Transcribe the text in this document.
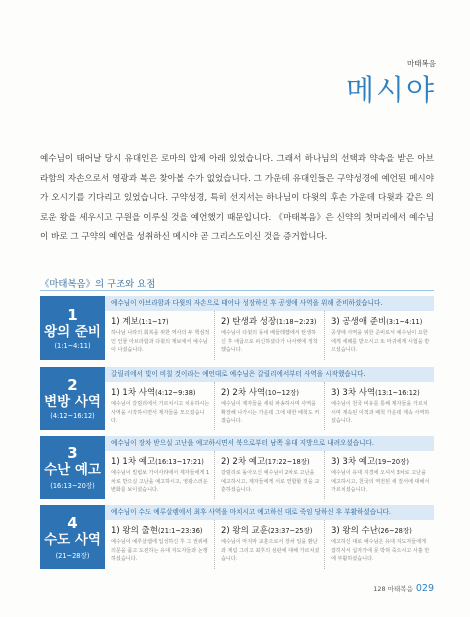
마태복음
메시야
예수님이 태어날 당시 유대인은 로마의 압제 아래 있었습니다. 그래서 하나님의 선택과 약속을 받은 아브라함의 자손으로서 영광과 복은 찾아볼 수가 없었습니다. 그 가운데 유대인들은 구약성경에 예언된 메시야가 오시기를 기다리고 있었습니다. 구약성경, 특히 선지서는 하나님이 다윗의 후손 가운데 다윗과 같은 의로운 왕을 세우시고 구원을 이루실 것을 예언했기 때문입니다. 《마태복음》은 신약의 첫머리에서 예수님이 바로 그 구약의 예언을 성취하신 메시야 곧 그리스도이신 것을 증거합니다.
《마태복음》의 구조와 요점
1
왕의 준비
(1:1~4:11)
예수님이 아브라함과 다윗의 자손으로 태어나 성장하신 후 공생애 사역을 위해 준비하셨습니다.
1) 계보(1:1~17)
하나님 나라의 회복을 위한 역사의 두 핵심적인 인물 아브라함과 다윗의 계보에서 예수님이 나셨습니다.
2) 탄생과 성장(1:18~2:23)
예수님이 다윗의 동네 베들레헴에서 탄생하신 후 애굽으로 피신하셨다가 나사렛에 정착했습니다.
3) 공생애 준비(3:1~4:11)
공생애 사역을 위한 준비로서 예수님이 요한에게 세례를 받으시고 또 마귀에게 시험을 받으셨습니다.
2
변방 사역
(4:12~16:12)
갈릴리에서 빛이 비칠 것이라는 예언대로 예수님은 갈릴리에서부터 사역을 시작했습니다.
1) 1차 사역(4:12~9:38)
예수님이 갈릴리에서 가르치시고 치유하시는 사역을 시작하시면서 제자들을 모으셨습니다.
2) 2차 사역(10~12장)
예수님이 제자들을 세워 파송하시며 사역을 확장해 나가시는 가운데 그에 대한 배척도 커졌습니다.
3) 3차 사역(13:1~16:12)
예수님이 천국 비유를 통해 제자들을 가르치시며 계속된 이적과 배척 가운데 계속 사역하셨습니다.
3
수난 예고
(16:13~20장)
예수님이 장차 받으실 고난을 예고하시면서 북으로부터 남쪽 유대 지방으로 내려오셨습니다.
1) 1차 예고(16:13~17:21)
예수님이 빌립보 가이사랴에서 제자들에게 1차로 받으실 고난을 예고하시고, 영광스러운 변화를 보이셨습니다.
2) 2차 예고(17:22~18장)
갈릴리로 돌아오신 예수님이 2차로 고난을 예고하시고, 제자들에게 서로 연합할 것을 교훈하셨습니다.
3) 3차 예고(19~20장)
예수님이 유대 지경에 오셔서 3차로 고난을 예고하시고, 천국의 역전된 새 질서에 대해서 가르치셨습니다.
4
수도 사역
(21~28장)
예수님이 수도 예루살렘에서 최후 사역을 마치시고 예고하신 대로 죽임 당하신 후 부활하셨습니다.
1) 왕의 출현(21:1~23:36)
예수님이 예루살렘에 입성하신 후 그 권위에 의문을 품고 도전하는 유대 지도자들과 논쟁하셨습니다.
2) 왕의 교훈(23:37~25장)
예수님이 마지막 교훈으로서 장차 일을 환난과 재림 그리고 최후의 심판에 대해 가르치셨습니다.
3) 왕의 수난(26~28장)
예고하신 대로 예수님은 유대 지도자들에게 잡히셔서 십자가에 못 박혀 죽으시고 사흘 만에 부활하셨습니다.
128 마태복음 029
